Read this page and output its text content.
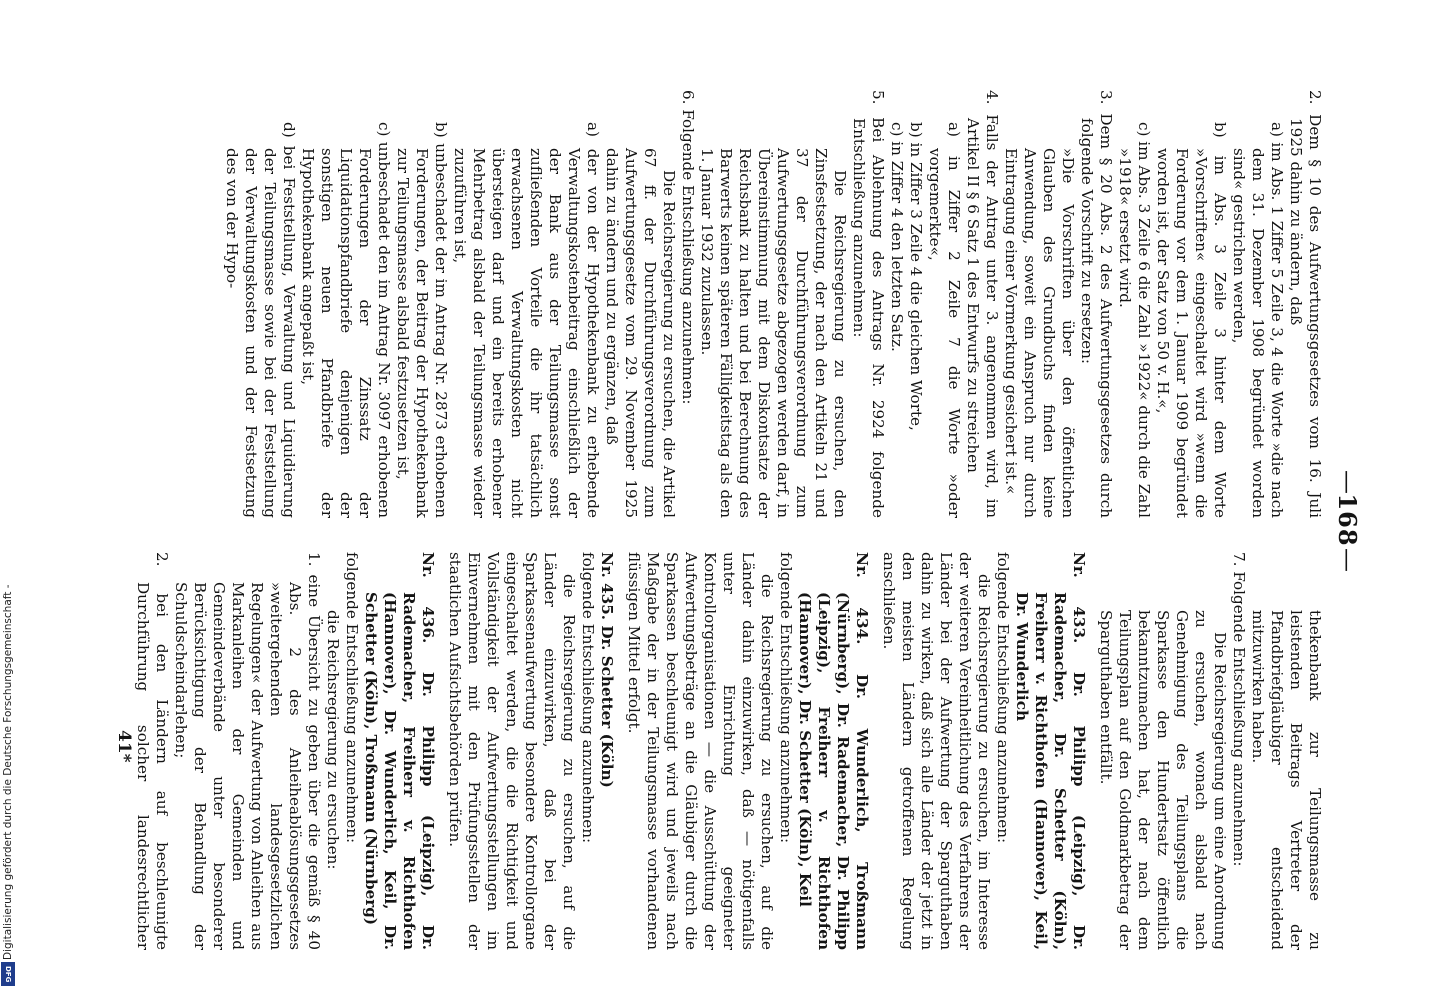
—
168
—

2. Dem § 10 des Aufwertungsgesetzes vom 16. Juli 1925 dahin zu ändern, daß

a) im Abs. 1 Ziffer 5 Zeile 3, 4 die Worte »die nach dem 31. Dezember 1908 begründet worden sind« gestrichen werden,

b) im Abs. 3 Zeile 3 hinter dem Worte »Vorschriften« eingeschaltet wird »wenn die Forderung vor dem 1. Januar 1909 begründet worden ist, der Satz von 50 v. H.«,

c) im Abs. 3 Zeile 6 die Zahl »1922« durch die Zahl »1918« ersetzt wird.

3. Dem § 20 Abs. 2 des Aufwertungsgesetzes durch folgende Vorschrift zu ersetzen:

»Die Vorschriften über den öffentlichen Glauben des Grundbuchs finden keine Anwendung, soweit ein Anspruch nur durch Eintragung einer Vormerkung gesichert ist.«

4. Falls der Antrag unter 3. angenommen wird, im Artikel II § 6 Satz 1 des Entwurfs zu streichen

a) in Ziffer 2 Zeile 7 die Worte »oder vorgemerkte«,

b) in Ziffer 3 Zeile 4 die gleichen Worte,

c) in Ziffer 4 den letzten Satz.

5. Bei Ablehnung des Antrags Nr. 2924 folgende Entschließung anzunehmen:

Die Reichsregierung zu ersuchen, den Zinsfestsetzung, der nach den Artikeln 21 und 37 der Durchführungsverordnung zum Aufwertungsgesetze abgezogen werden darf, in Übereinstimmung mit dem Diskontsatze der Reichsbank zu halten und bei Berechnung des Barwerts keinen späteren Fälligkeitstag als den 1. Januar 1932 zuzulassen.

6. Folgende Entschließung anzunehmen:

Die Reichsregierung zu ersuchen, die Artikel 67 ff. der Durchführungsverordnung zum Aufwertungsgesetze vom 29. November 1925 dahin zu ändern und zu ergänzen, daß

a) der von der Hypothekenbank zu erhebende Verwaltungskostenbeitrag einschließlich der der Bank aus der Teilungsmasse sonst zufließenden Vorteile die ihr tatsächlich erwachsenen Verwaltungskosten nicht übersteigen darf und ein bereits erhobener Mehrbetrag alsbald der Teilungsmasse wieder zuzuführen ist,

b) unbeschadet der im Antrag Nr. 2873 erhobenen Forderungen, der Beitrag der Hypothekenbank zur Teilungsmasse alsbald festzusetzen ist,

c) unbeschadet den im Antrag Nr. 3097 erhobenen Forderungen der Zinssatz der Liquidationspfandbriefe denjenigen der sonstigen neuen Pfandbriefe der Hypothekenbank angepaßt ist,

d) bei Feststellung, Verwaltung und Liquidierung der Teilungsmasse sowie bei der Feststellung der Verwaltungskosten und der Festsetzung des von der Hypo-

thekenbank zur Teilungsmasse zu leistenden Beitrags Vertreter der Pfandbriefgläubiger entscheidend mitzuwirken haben.

7. Folgende Entschließung anzunehmen:

Die Reichsregierung um eine Anordnung zu ersuchen, wonach alsbald nach Genehmigung des Teilungsplans die Sparkasse den Hundertsatz öffentlich bekanntzumachen hat, der nach dem Teilungsplan auf den Goldmarkbetrag der Sparguthaben entfällt.

Nr. 433. Dr. Philipp (Leipzig), Dr. Rademacher, Dr. Schetter (Köln), Freiherr v. Richthofen (Hannover), Keil, Dr. Wunderlich

folgende Entschließung anzunehmen:

die Reichsregierung zu ersuchen, im Interesse der weiteren Vereinheitlichung des Verfahrens der Länder bei der Aufwertung der Sparguthaben dahin zu wirken, daß sich alle Länder der jetzt in den meisten Ländern getroffenen Regelung anschließen.

Nr. 434. Dr. Wunderlich, Troßmann (Nürnberg), Dr. Rademacher, Dr. Philipp (Leipzig), Freiherr v. Richthofen (Hannover), Dr. Schetter (Köln), Keil

folgende Entschließung anzunehmen:

die Reichsregierung zu ersuchen, auf die Länder dahin einzuwirken, daß — nötigenfalls unter Einrichtung geeigneter Kontrollorganisationen — die Ausschüttung der Aufwertungsbeträge an die Gläubiger durch die Sparkassen beschleunigt wird und jeweils nach Maßgabe der in der Teilungsmasse vorhandenen flüssigen Mittel erfolgt.

Nr. 435. Dr. Schetter (Köln)

folgende Entschließung anzunehmen:

die Reichsregierung zu ersuchen, auf die Länder einzuwirken, daß bei der Sparkassenaufwertung besondere Kontrollorgane eingeschaltet werden, die die Richtigkeit und Vollständigkeit der Aufwertungsstellungen im Einvernehmen mit den Prüfungsstellen der staatlichen Aufsichtsbehörden prüfen.

Nr. 436. Dr. Philipp (Leipzig), Dr. Rademacher, Freiherr v. Richthofen (Hannover), Dr. Wunderlich, Keil, Dr. Schetter (Köln), Troßmann (Nürnberg)

folgende Entschließung anzunehmen:

die Reichsregierung zu ersuchen:

1. eine Übersicht zu geben über die gemäß § 40 Abs. 2 des Anleiheablösungsgesetzes »weitergehenden landesgesetzlichen Regelungen« der Aufwertung von Anleihen aus Markanleihen der Gemeinden und Gemeindeverbände unter besonderer Berücksichtigung der Behandlung der Schuldscheindarlehen;

2. bei den Ländern auf beschleunigte Durchführung solcher landesrechtlicher

41*
Digitalisierung gefördert durch die Deutsche Forschungsgemeinschaft -
DFG
